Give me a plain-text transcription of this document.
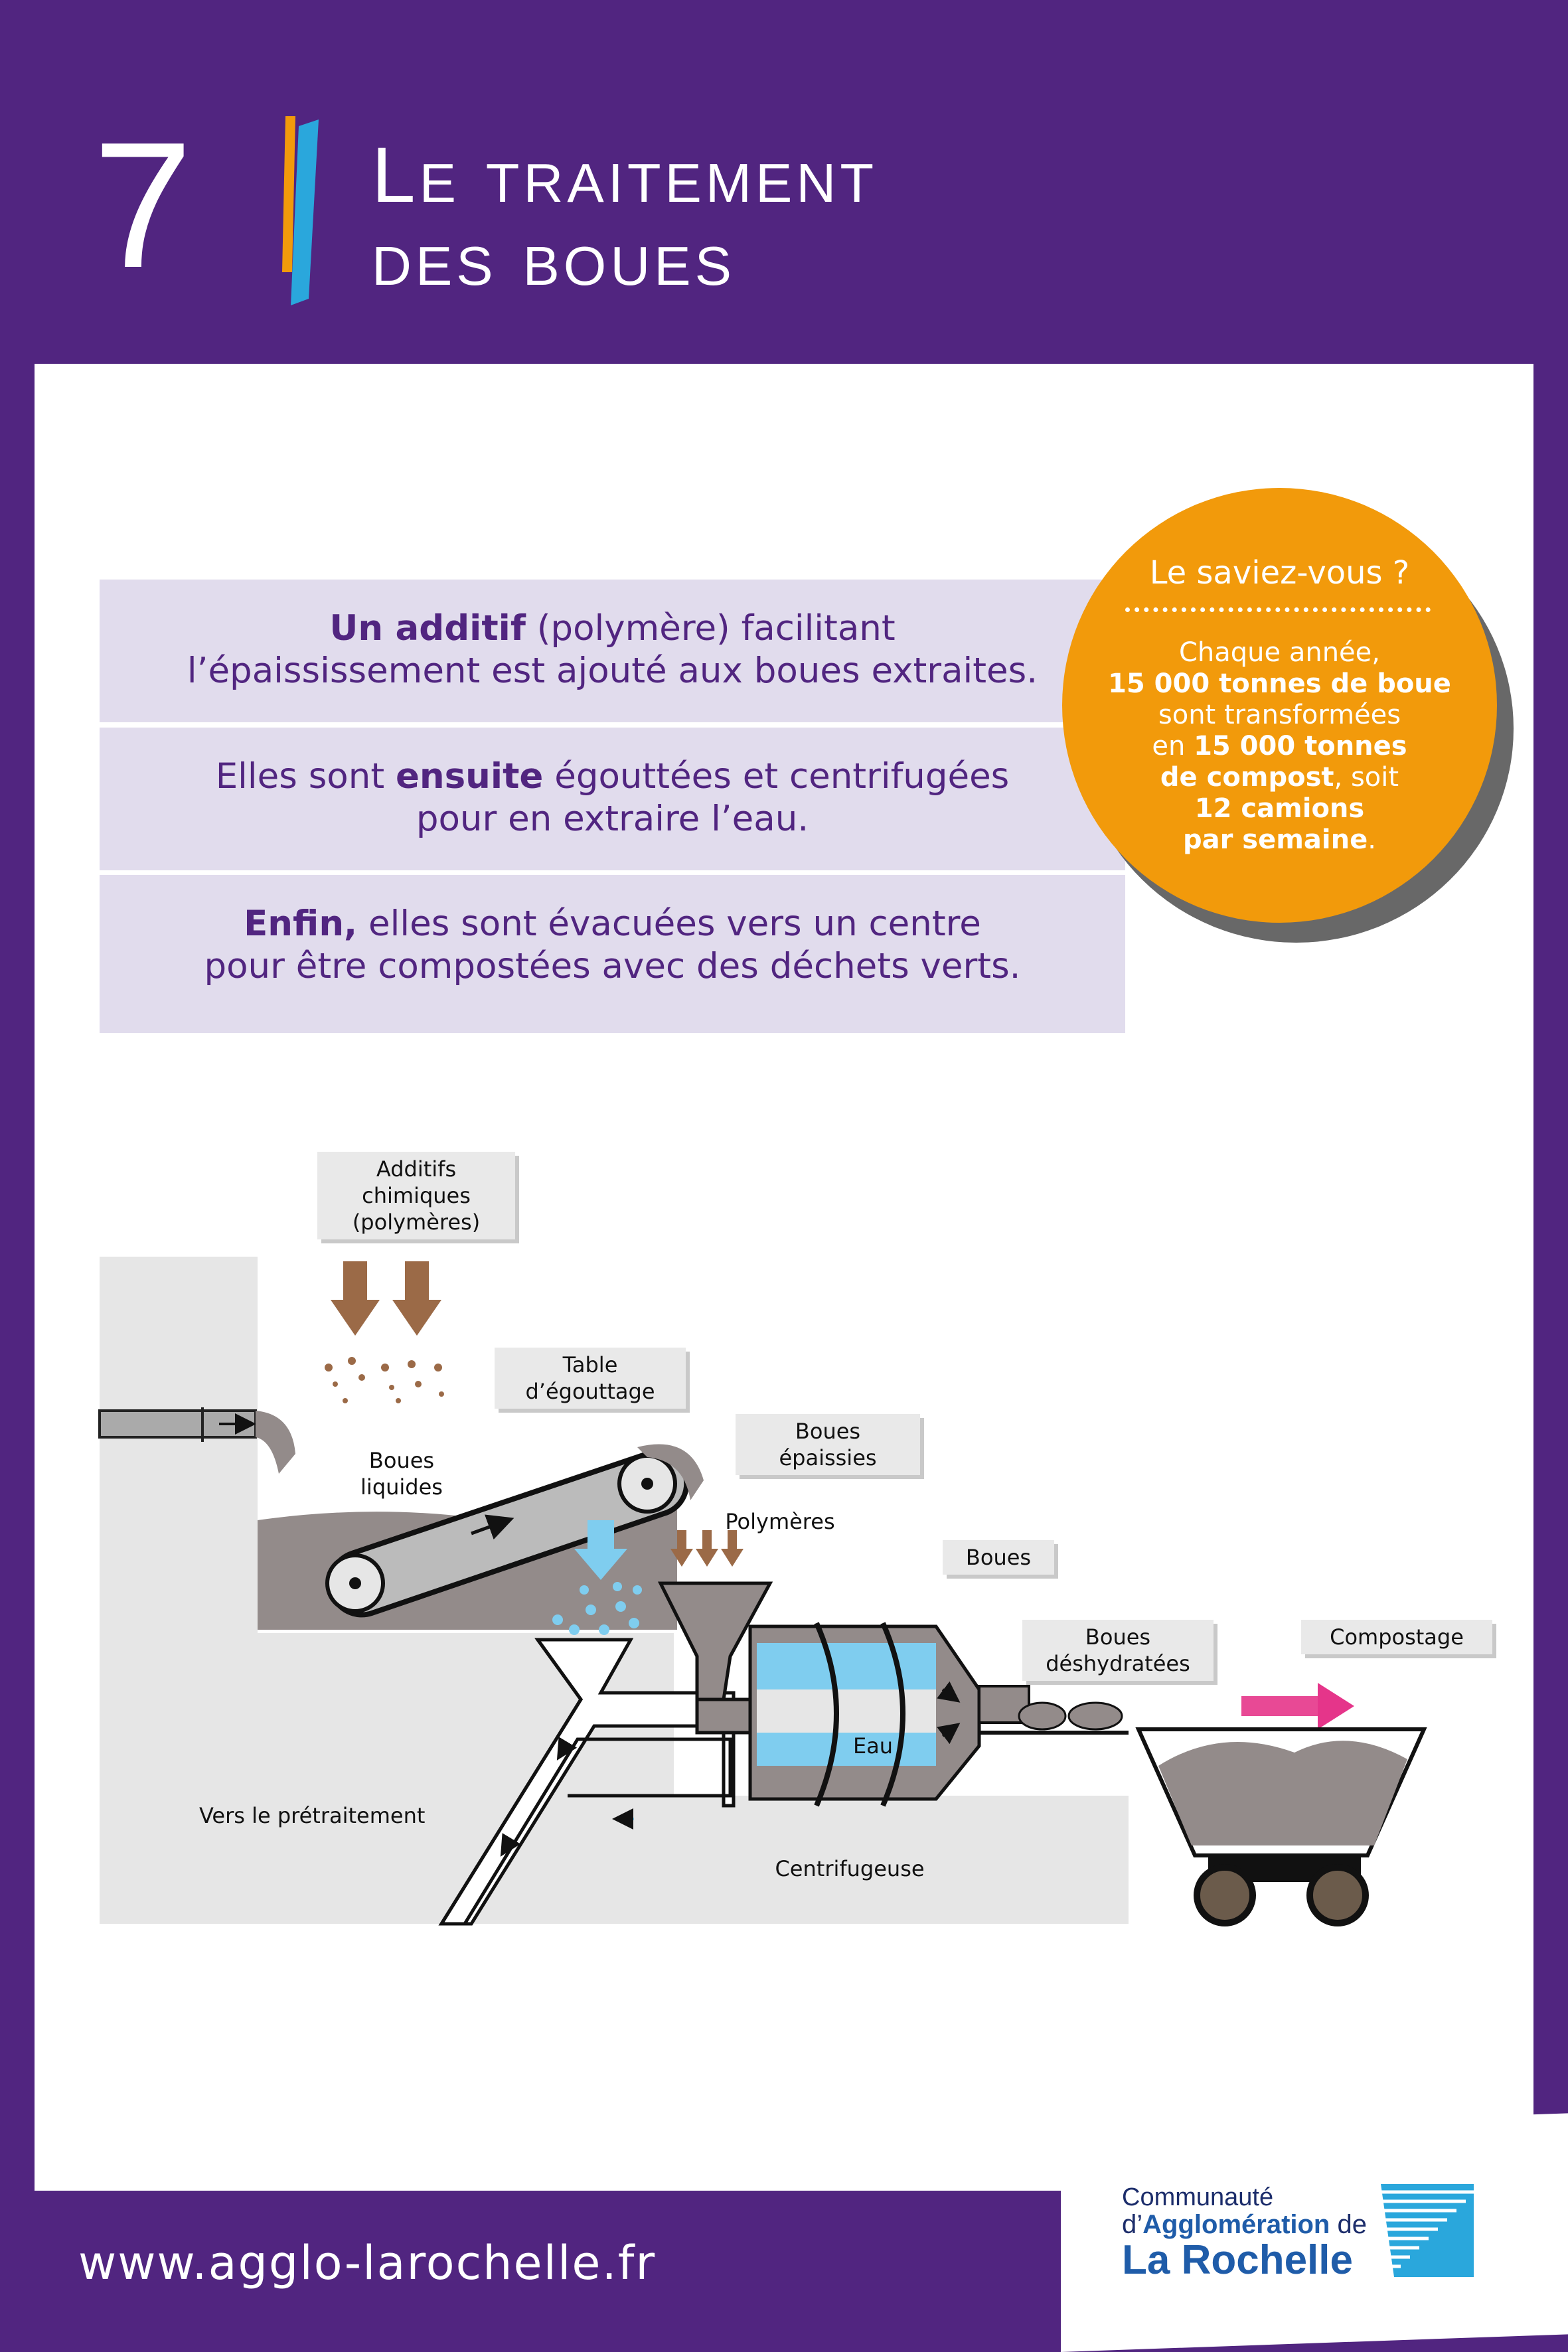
7 Le traitement
des boues
Un additif (polymère) facilitant
l’épaississement est ajouté aux boues extraites.
Elles sont ensuite égouttées et centrifugées
pour en extraire l’eau.
Enfin, elles sont évacuées vers un centre
pour être compostées avec des déchets verts.
Le saviez-vous ?
Chaque année,
15 000 tonnes de boue
sont transformées
en 15 000 tonnes
de compost, soit
12 camions
par semaine.
Additifs
chimiques
(polymères)
Table
d’égouttage
Boues
liquides
Boues
épaissies
Polymères
Boues
Boues
déshydratées
Compostage
Eau
Vers le prétraitement
Centrifugeuse
www.agglo-larochelle.fr
Communauté
d’Agglomération de
La Rochelle
